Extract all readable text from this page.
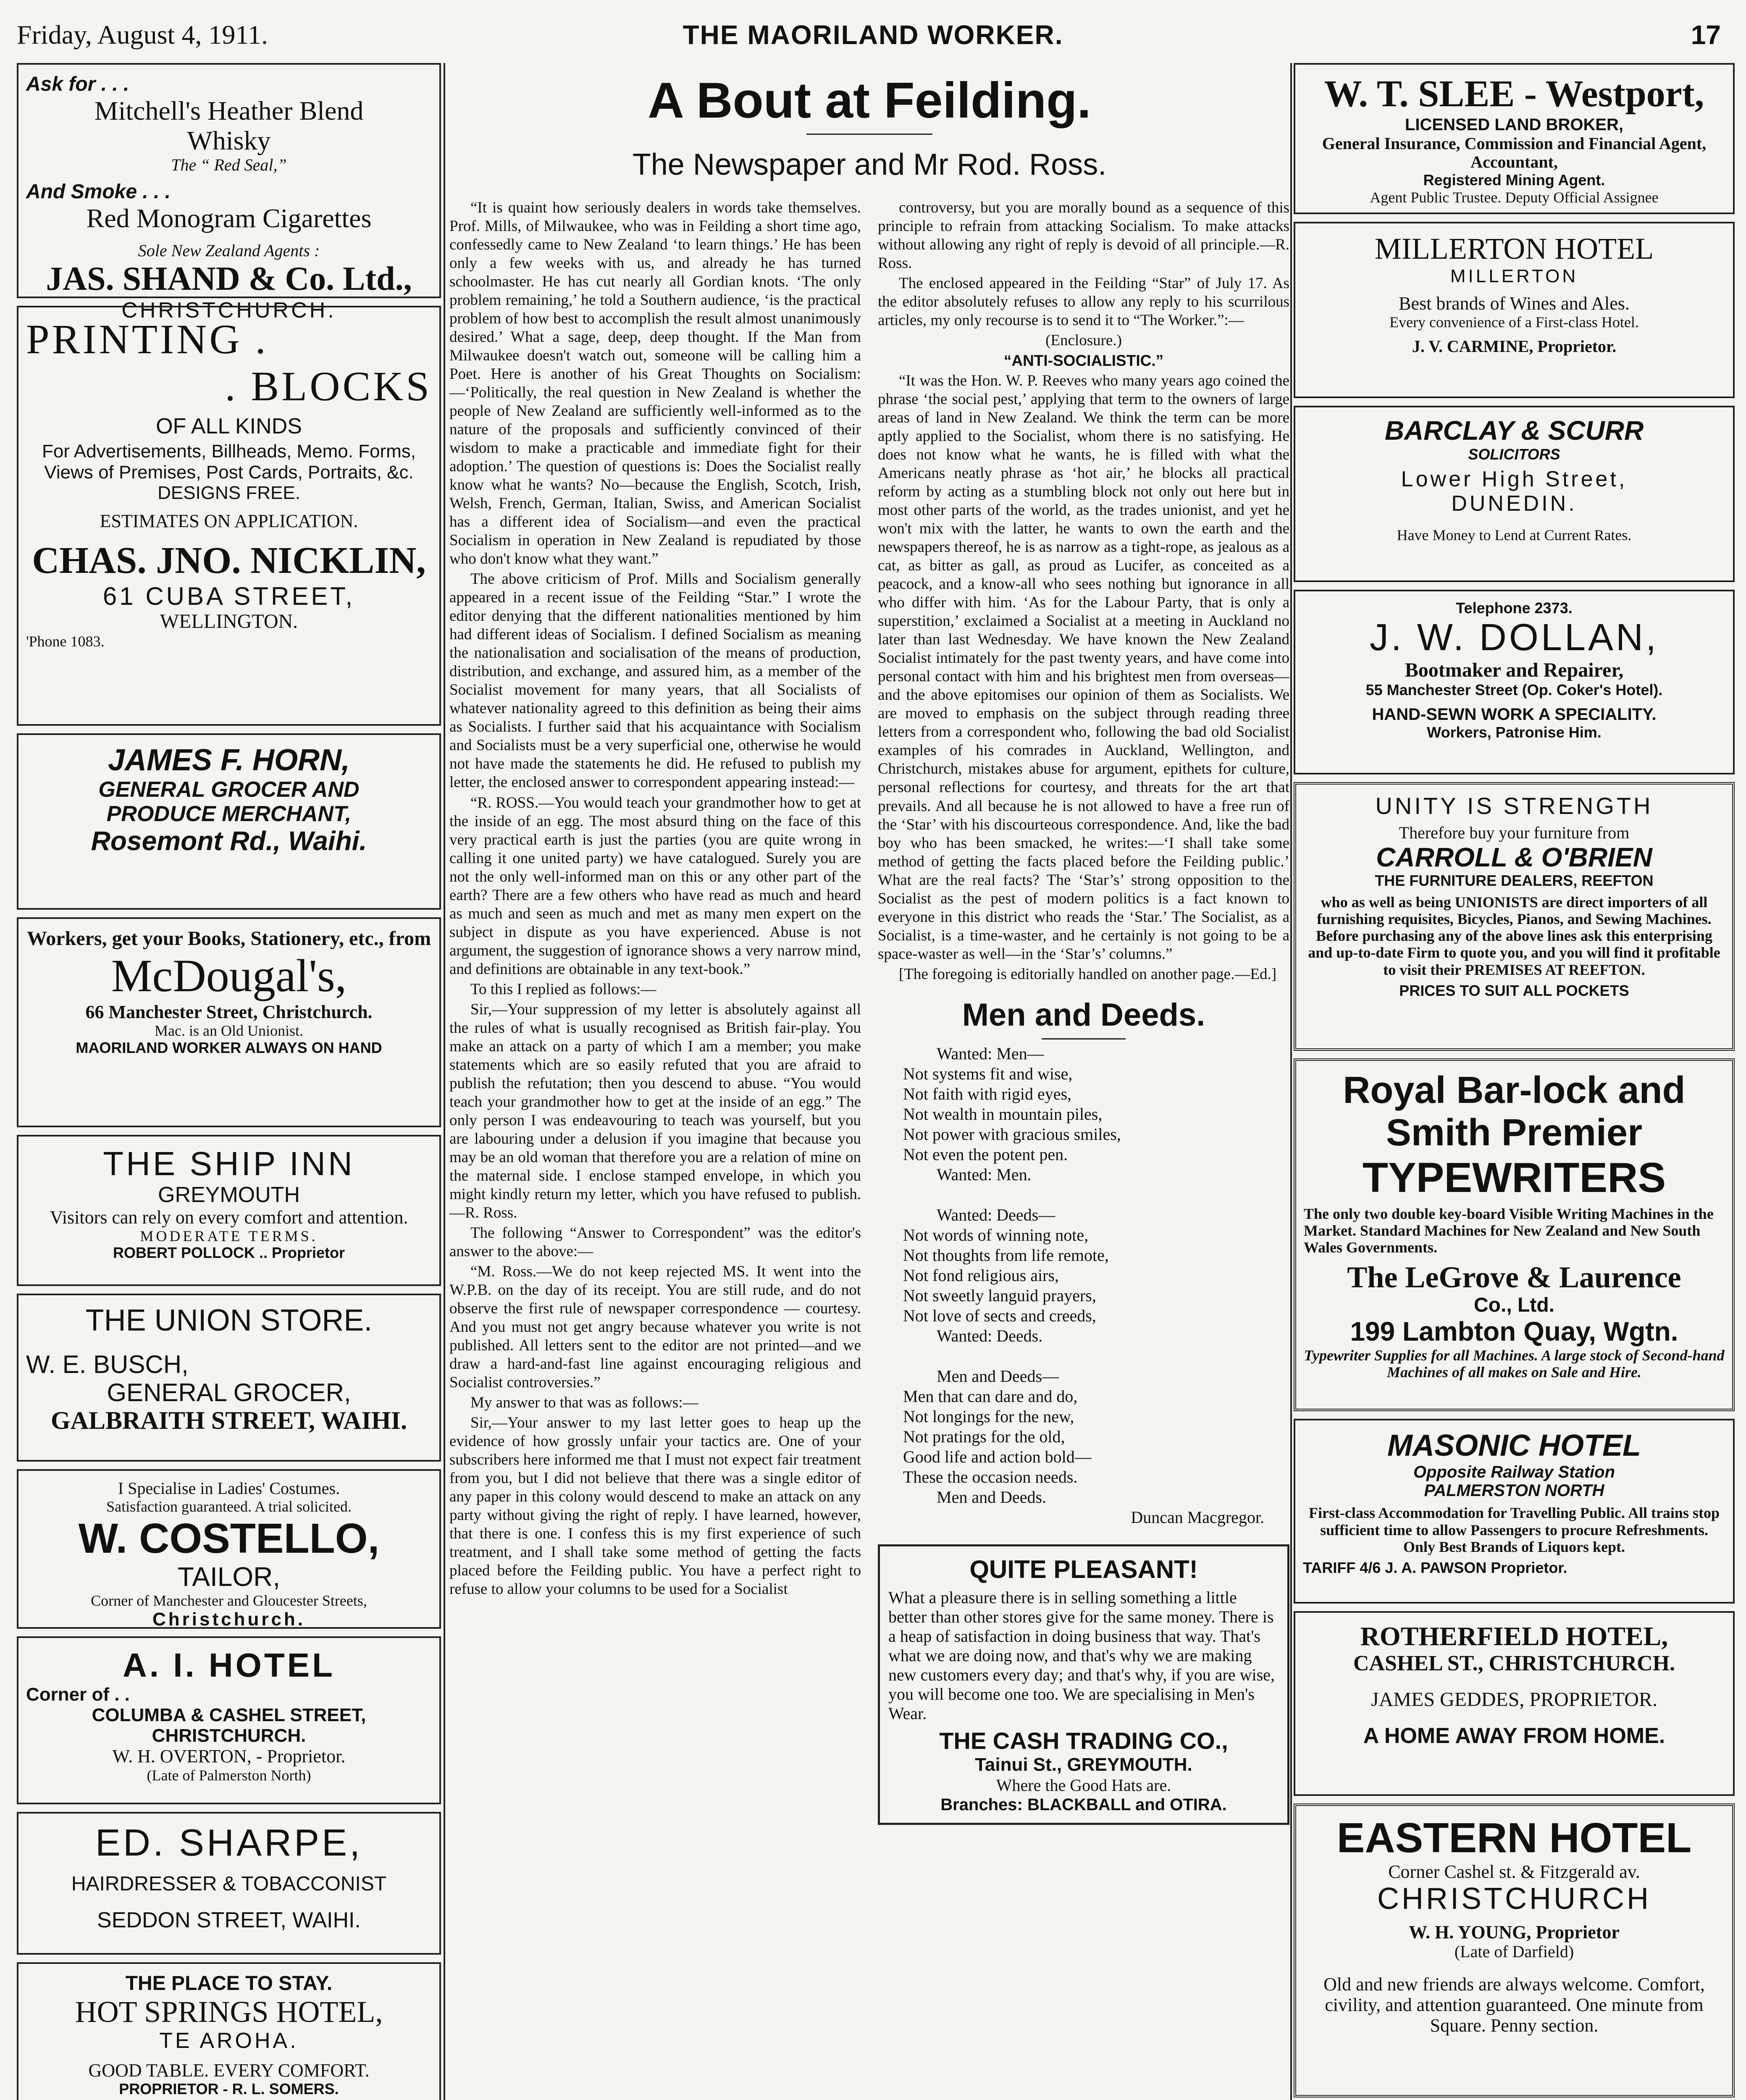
THE MAORILAND WORKER.
Friday, August 4, 1911.	17
Ask for . . .
Mitchell's Heather Blend
Whisky
The “ Red Seal,”
And Smoke . . .
Red Monogram Cigarettes
Sole New Zealand Agents :
JAS. SHAND & Co. Ltd.,
CHRISTCHURCH.
PRINTING .
. BLOCKS
OF ALL KINDS
For Advertisements, Billheads, Memo. Forms, Views of Premises, Post Cards, Portraits, &c. DESIGNS FREE.
ESTIMATES ON APPLICATION.
CHAS. JNO. NICKLIN,
61 CUBA STREET,
WELLINGTON.
'Phone 1083.
JAMES F. HORN,
GENERAL GROCER AND
PRODUCE MERCHANT,
Rosemont Rd., Waihi.
Workers, get your Books, Stationery, etc., from
McDougal's,
66 Manchester Street, Christchurch.
Mac. is an Old Unionist.
MAORILAND WORKER ALWAYS ON HAND
THE SHIP INN
GREYMOUTH
Visitors can rely on every comfort and attention.
MODERATE TERMS.
ROBERT POLLOCK .. Proprietor
THE UNION STORE.
W. E. BUSCH,
GENERAL GROCER,
GALBRAITH STREET, WAIHI.
I Specialise in Ladies' Costumes.
Satisfaction guaranteed. A trial solicited.
W. COSTELLO,
TAILOR,
Corner of Manchester and Gloucester Streets,
Christchurch.
A. I. HOTEL
Corner of . .
COLUMBA & CASHEL STREET,
CHRISTCHURCH.
W. H. OVERTON, - Proprietor.
(Late of Palmerston North)
ED. SHARPE,
HAIRDRESSER & TOBACCONIST
SEDDON STREET, WAIHI.
THE PLACE TO STAY.
HOT SPRINGS HOTEL,
TE AROHA.
GOOD TABLE. EVERY COMFORT.
PROPRIETOR - R. L. SOMERS.
A Bout at Feilding.
The Newspaper and Mr Rod. Ross.

“It is quaint how seriously dealers in words take themselves. Prof. Mills, of Milwaukee, who was in Feilding a short time ago, confessedly came to New Zealand ‘to learn things.’ He has been only a few weeks with us, and already he has turned schoolmaster. He has cut nearly all Gordian knots. ‘The only problem remaining,’ he told a Southern audience, ‘is the practical problem of how best to accomplish the result almost unanimously desired.’ What a sage, deep, deep thought. If the Man from Milwaukee doesn't watch out, someone will be calling him a Poet. Here is another of his Great Thoughts on Socialism:—‘Politically, the real question in New Zealand is whether the people of New Zealand are sufficiently well-informed as to the nature of the proposals and sufficiently convinced of their wisdom to make a practicable and immediate fight for their adoption.’ The question of questions is: Does the Socialist really know what he wants? No—because the English, Scotch, Irish, Welsh, French, German, Italian, Swiss, and American Socialist has a different idea of Socialism—and even the practical Socialism in operation in New Zealand is repudiated by those who don't know what they want.”

The above criticism of Prof. Mills and Socialism generally appeared in a recent issue of the Feilding “Star.” I wrote the editor denying that the different nationalities mentioned by him had different ideas of Socialism. I defined Socialism as meaning the nationalisation and socialisation of the means of production, distribution, and exchange, and assured him, as a member of the Socialist movement for many years, that all Socialists of whatever nationality agreed to this definition as being their aims as Socialists. I further said that his acquaintance with Socialism and Socialists must be a very superficial one, otherwise he would not have made the statements he did. He refused to publish my letter, the enclosed answer to correspondent appearing instead:—

“R. ROSS.—You would teach your grandmother how to get at the inside of an egg. The most absurd thing on the face of this very practical earth is just the parties (you are quite wrong in calling it one united party) we have catalogued. Surely you are not the only well-informed man on this or any other part of the earth? There are a few others who have read as much and heard as much and seen as much and met as many men expert on the subject in dispute as you have experienced. Abuse is not argument, the suggestion of ignorance shows a very narrow mind, and definitions are obtainable in any text-book.”

To this I replied as follows:—

Sir,—Your suppression of my letter is absolutely against all the rules of what is usually recognised as British fair-play. You make an attack on a party of which I am a member; you make statements which are so easily refuted that you are afraid to publish the refutation; then you descend to abuse. “You would teach your grandmother how to get at the inside of an egg.” The only person I was endeavouring to teach was yourself, but you are labouring under a delusion if you imagine that because you may be an old woman that therefore you are a relation of mine on the maternal side. I enclose stamped envelope, in which you might kindly return my letter, which you have refused to publish.—R. Ross.

The following “Answer to Correspondent” was the editor's answer to the above:—

“M. Ross.—We do not keep rejected MS. It went into the W.P.B. on the day of its receipt. You are still rude, and do not observe the first rule of newspaper correspondence — courtesy. And you must not get angry because whatever you write is not published. All letters sent to the editor are not printed—and we draw a hard-and-fast line against encouraging religious and Socialist controversies.”

My answer to that was as follows:—

Sir,—Your answer to my last letter goes to heap up the evidence of how grossly unfair your tactics are. One of your subscribers here informed me that I must not expect fair treatment from you, but I did not believe that there was a single editor of any paper in this colony would descend to make an attack on any party without giving the right of reply. I have learned, however, that there is one. I confess this is my first experience of such treatment, and I shall take some method of getting the facts placed before the Feilding public. You have a perfect right to refuse to allow your columns to be used for a Socialist

controversy, but you are morally bound as a sequence of this principle to refrain from attacking Socialism. To make attacks without allowing any right of reply is devoid of all principle.—R. Ross.

The enclosed appeared in the Feilding “Star” of July 17. As the editor absolutely refuses to allow any reply to his scurrilous articles, my only recourse is to send it to “The Worker.”:—

(Enclosure.)

“ANTI-SOCIALISTIC.”

“It was the Hon. W. P. Reeves who many years ago coined the phrase ‘the social pest,’ applying that term to the owners of large areas of land in New Zealand. We think the term can be more aptly applied to the Socialist, whom there is no satisfying. He does not know what he wants, he is filled with what the Americans neatly phrase as ‘hot air,’ he blocks all practical reform by acting as a stumbling block not only out here but in most other parts of the world, as the trades unionist, and yet he won't mix with the latter, he wants to own the earth and the newspapers thereof, he is as narrow as a tight-rope, as jealous as a cat, as bitter as gall, as proud as Lucifer, as conceited as a peacock, and a know-all who sees nothing but ignorance in all who differ with him. ‘As for the Labour Party, that is only a superstition,’ exclaimed a Socialist at a meeting in Auckland no later than last Wednesday. We have known the New Zealand Socialist intimately for the past twenty years, and have come into personal contact with him and his brightest men from overseas—and the above epitomises our opinion of them as Socialists. We are moved to emphasis on the subject through reading three letters from a correspondent who, following the bad old Socialist examples of his comrades in Auckland, Wellington, and Christchurch, mistakes abuse for argument, epithets for culture, personal reflections for courtesy, and threats for the art that prevails. And all because he is not allowed to have a free run of the ‘Star’ with his discourteous correspondence. And, like the bad boy who has been smacked, he writes:—‘I shall take some method of getting the facts placed before the Feilding public.’ What are the real facts? The ‘Star’s’ strong opposition to the Socialist as the pest of modern politics is a fact known to everyone in this district who reads the ‘Star.’ The Socialist, as a Socialist, is a time-waster, and he certainly is not going to be a space-waster as well—in the ‘Star’s’ columns.”

[The foregoing is editorially handled on another page.—Ed.]

Men and Deeds.
Wanted: Men—
Not systems fit and wise,
Not faith with rigid eyes,
Not wealth in mountain piles,
Not power with gracious smiles,
Not even the potent pen.
Wanted: Men.

Wanted: Deeds—
Not words of winning note,
Not thoughts from life remote,
Not fond religious airs,
Not sweetly languid prayers,
Not love of sects and creeds,
Wanted: Deeds.

Men and Deeds—
Men that can dare and do,
Not longings for the new,
Not pratings for the old,
Good life and action bold—
These the occasion needs.
Men and Deeds.
Duncan Macgregor.
QUITE PLEASANT!
What a pleasure there is in selling something a little better than other stores give for the same money. There is a heap of satisfaction in doing business that way. That's what we are doing now, and that's why we are making new customers every day; and that's why, if you are wise, you will become one too. We are specialising in Men's Wear.
THE CASH TRADING CO.,
Tainui St., GREYMOUTH.
Where the Good Hats are.
Branches: BLACKBALL and OTIRA.
W. T. SLEE - Westport,
LICENSED LAND BROKER,
General Insurance, Commission and Financial Agent, Accountant,
Registered Mining Agent.
Agent Public Trustee. Deputy Official Assignee
MILLERTON HOTEL
MILLERTON
Best brands of Wines and Ales.
Every convenience of a First-class Hotel.
J. V. CARMINE, Proprietor.
BARCLAY & SCURR
SOLICITORS
Lower High Street,
DUNEDIN.
Have Money to Lend at Current Rates.
Telephone 2373.
J. W. DOLLAN,
Bootmaker and Repairer,
55 Manchester Street (Op. Coker's Hotel).
HAND-SEWN WORK A SPECIALITY.
Workers, Patronise Him.
UNITY IS STRENGTH
Therefore buy your furniture from
CARROLL & O'BRIEN
THE FURNITURE DEALERS, REEFTON
who as well as being UNIONISTS are direct importers of all furnishing requisites, Bicycles, Pianos, and Sewing Machines. Before purchasing any of the above lines ask this enterprising and up-to-date Firm to quote you, and you will find it profitable to visit their PREMISES AT REEFTON.
PRICES TO SUIT ALL POCKETS
Royal Bar-lock and
Smith Premier
TYPEWRITERS
The only two double key-board Visible Writing Machines in the Market. Standard Machines for New Zealand and New South Wales Governments.
The LeGrove & Laurence
Co., Ltd.
199 Lambton Quay, Wgtn.
Typewriter Supplies for all Machines. A large stock of Second-hand Machines of all makes on Sale and Hire.
MASONIC HOTEL
Opposite Railway Station
PALMERSTON NORTH
First-class Accommodation for Travelling Public. All trains stop sufficient time to allow Passengers to procure Refreshments. Only Best Brands of Liquors kept.
TARIFF 4/6 J. A. PAWSON Proprietor.
ROTHERFIELD HOTEL,
CASHEL ST., CHRISTCHURCH.
JAMES GEDDES, PROPRIETOR.
A HOME AWAY FROM HOME.
EASTERN HOTEL
Corner Cashel st. & Fitzgerald av.
CHRISTCHURCH
W. H. YOUNG, Proprietor
(Late of Darfield)
Old and new friends are always welcome. Comfort, civility, and attention guaranteed. One minute from Square. Penny section.
